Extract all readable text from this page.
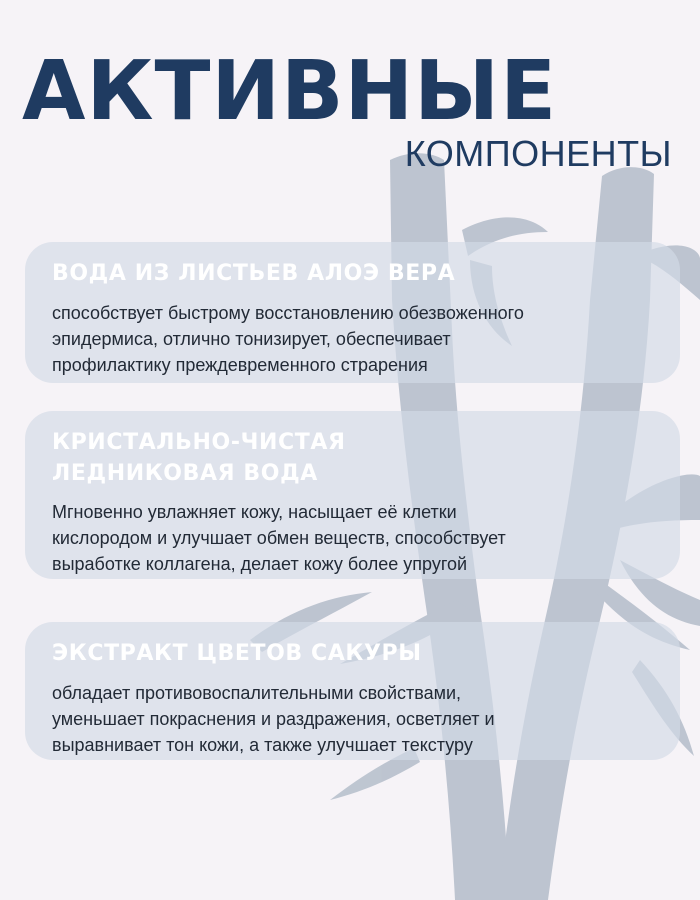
АКТИВНЫЕ
КОМПОНЕНТЫ
ВОДА ИЗ ЛИСТЬЕВ АЛОЭ ВЕРА

способствует быстрому восстановлению обезвоженного
эпидермиса, отлично тонизирует, обеспечивает
профилактику преждевременного страрения

КРИСТАЛЬНО-ЧИСТАЯ
ЛЕДНИКОВАЯ ВОДА

Мгновенно увлажняет кожу, насыщает её клетки
кислородом и улучшает обмен веществ, способствует
выработке коллагена, делает кожу более упругой

ЭКСТРАКТ ЦВЕТОВ САКУРЫ

обладает противовоспалительными свойствами,
уменьшает покраснения и раздражения, осветляет и
выравнивает тон кожи, а также улучшает текстуру
